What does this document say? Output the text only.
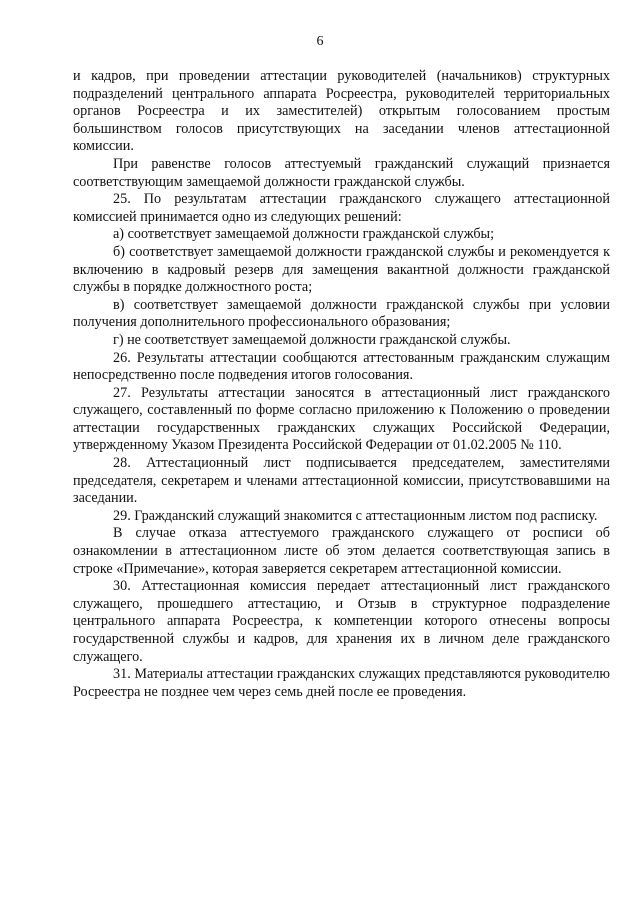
6

и кадров, при проведении аттестации руководителей (начальников) структурных подразделений центрального аппарата Росреестра, руководителей территориальных органов Росреестра и их заместителей) открытым голосованием простым большинством голосов присутствующих на заседании членов аттестационной комиссии.

При равенстве голосов аттестуемый гражданский служащий признается соответствующим замещаемой должности гражданской службы.

25. По результатам аттестации гражданского служащего аттестационной комиссией принимается одно из следующих решений:

а) соответствует замещаемой должности гражданской службы;

б) соответствует замещаемой должности гражданской службы и рекомендуется к включению в кадровый резерв для замещения вакантной должности гражданской службы в порядке должностного роста;

в) соответствует замещаемой должности гражданской службы при условии получения дополнительного профессионального образования;

г) не соответствует замещаемой должности гражданской службы.

26. Результаты аттестации сообщаются аттестованным гражданским служащим непосредственно после подведения итогов голосования.

27. Результаты аттестации заносятся в аттестационный лист гражданского служащего, составленный по форме согласно приложению к Положению о проведении аттестации государственных гражданских служащих Российской Федерации, утвержденному Указом Президента Российской Федерации от 01.02.2005 № 110.

28. Аттестационный лист подписывается председателем, заместителями председателя, секретарем и членами аттестационной комиссии, присутствовавшими на заседании.

29. Гражданский служащий знакомится с аттестационным листом под расписку.

В случае отказа аттестуемого гражданского служащего от росписи об ознакомлении в аттестационном листе об этом делается соответствующая запись в строке «Примечание», которая заверяется секретарем аттестационной комиссии.

30. Аттестационная комиссия передает аттестационный лист гражданского служащего, прошедшего аттестацию, и Отзыв в структурное подразделение центрального аппарата Росреестра, к компетенции которого отнесены вопросы государственной службы и кадров, для хранения их в личном деле гражданского служащего.

31. Материалы аттестации гражданских служащих представляются руководителю Росреестра не позднее чем через семь дней после ее проведения.
